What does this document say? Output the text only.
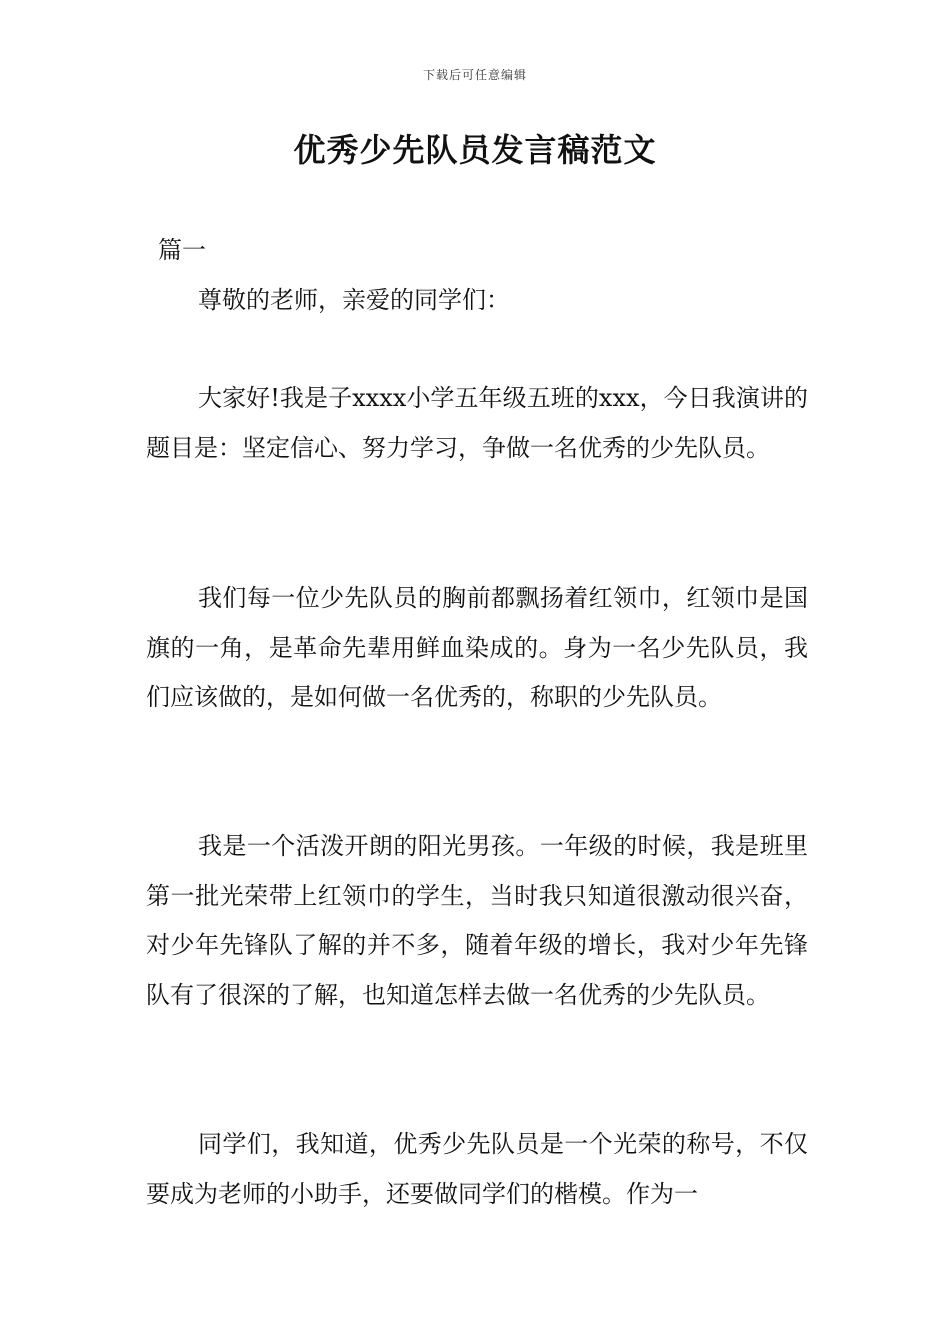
下载后可任意编辑
优秀少先队员发言稿范文
篇一

尊敬的老师，亲爱的同学们：

大家好!我是子xxxx小学五年级五班的xxx，今日我演讲的题目是：坚定信心、努力学习，争做一名优秀的少先队员。

我们每一位少先队员的胸前都飘扬着红领巾，红领巾是国旗的一角，是革命先辈用鲜血染成的。身为一名少先队员，我们应该做的，是如何做一名优秀的，称职的少先队员。

我是一个活泼开朗的阳光男孩。一年级的时候，我是班里第一批光荣带上红领巾的学生，当时我只知道很激动很兴奋，对少年先锋队了解的并不多，随着年级的增长，我对少年先锋队有了很深的了解，也知道怎样去做一名优秀的少先队员。

同学们，我知道，优秀少先队员是一个光荣的称号，不仅要成为老师的小助手，还要做同学们的楷模。作为一
